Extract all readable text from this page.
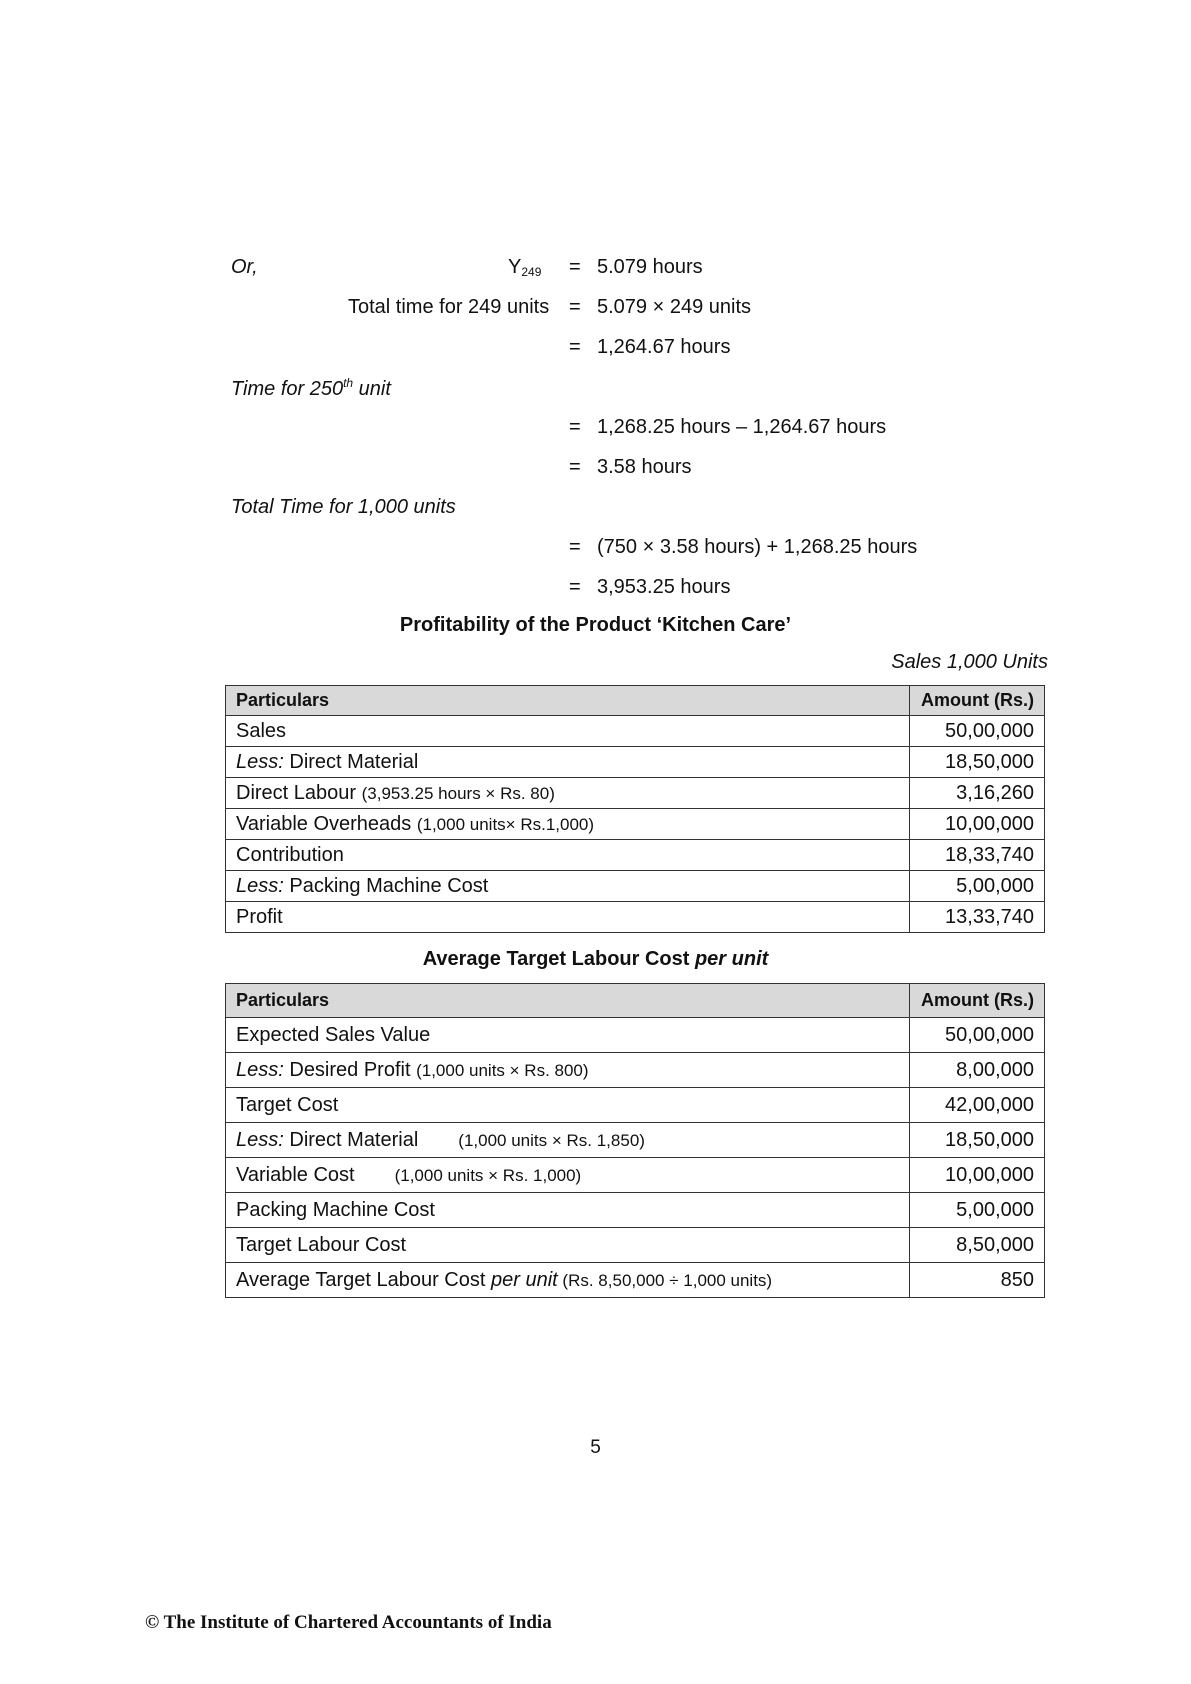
Or,	$Y_{249} = 5.079$ hours
Total time for 249 units = 5.079 × 249 units
= 1,264.67 hours
Time for 250th unit
= 1,268.25 hours – 1,264.67 hours
= 3.58 hours
Total Time for 1,000 units
= (750 × 3.58 hours) + 1,268.25 hours
= 3,953.25 hours
Profitability of the Product ‘Kitchen Care’
Sales 1,000 Units
Particulars	Amount (Rs.)
Sales	50,00,000
Less: Direct Material	18,50,000
Direct Labour (3,953.25 hours × Rs. 80)	3,16,260
Variable Overheads (1,000 units× Rs.1,000)	10,00,000
Contribution	18,33,740
Less: Packing Machine Cost	5,00,000
Profit	13,33,740
Average Target Labour Cost per unit
Particulars	Amount (Rs.)
Expected Sales Value	50,00,000
Less: Desired Profit (1,000 units × Rs. 800)	8,00,000
Target Cost	42,00,000
Less: Direct Material (1,000 units × Rs. 1,850)	18,50,000
Variable Cost (1,000 units × Rs. 1,000)	10,00,000
Packing Machine Cost	5,00,000
Target Labour Cost	8,50,000
Average Target Labour Cost per unit (Rs. 8,50,000 ÷ 1,000 units)	850
5
© The Institute of Chartered Accountants of India
